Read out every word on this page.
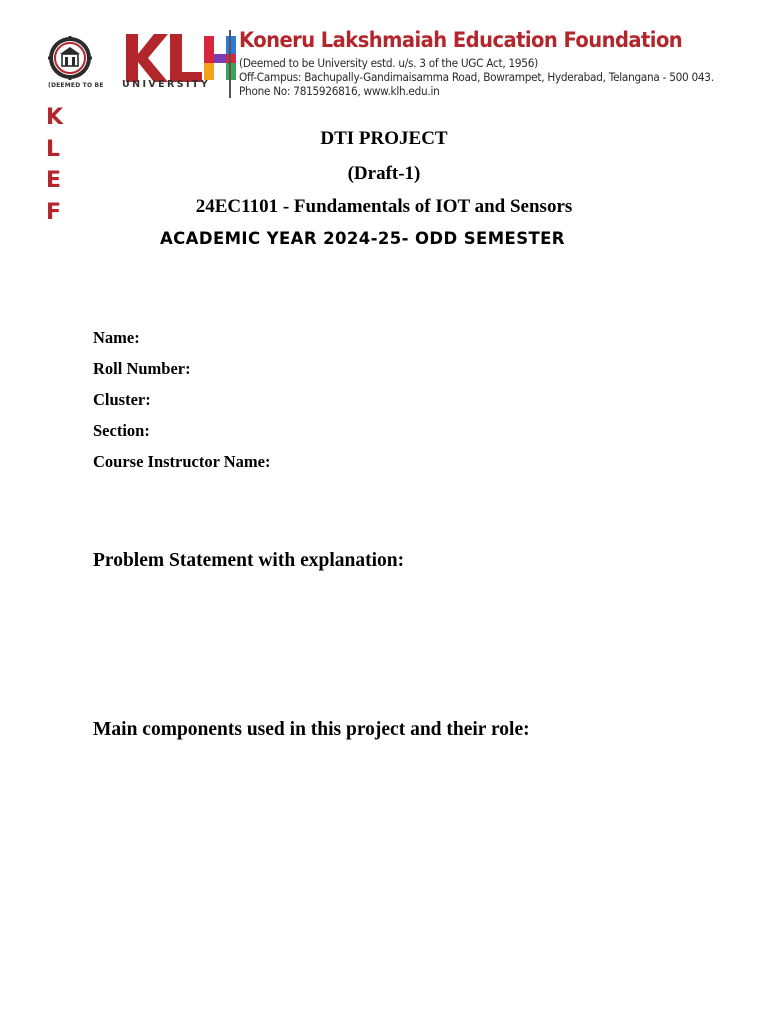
(DEEMED TO BE UNIVERSITY
Koneru Lakshmaiah Education Foundation
(Deemed to be University estd. u/s. 3 of the UGC Act, 1956)
Off-Campus: Bachupally-Gandimaisamma Road, Bowrampet, Hyderabad, Telangana - 500 043.
Phone No: 7815926816, www.klh.edu.in
K
L
E
F
DTI PROJECT
(Draft-1)
24EC1101 - Fundamentals of IOT and Sensors
ACADEMIC YEAR 2024-25- ODD SEMESTER
Name:
Roll Number:
Cluster:
Section:
Course Instructor Name:
Problem Statement with explanation:
Main components used in this project and their role:
